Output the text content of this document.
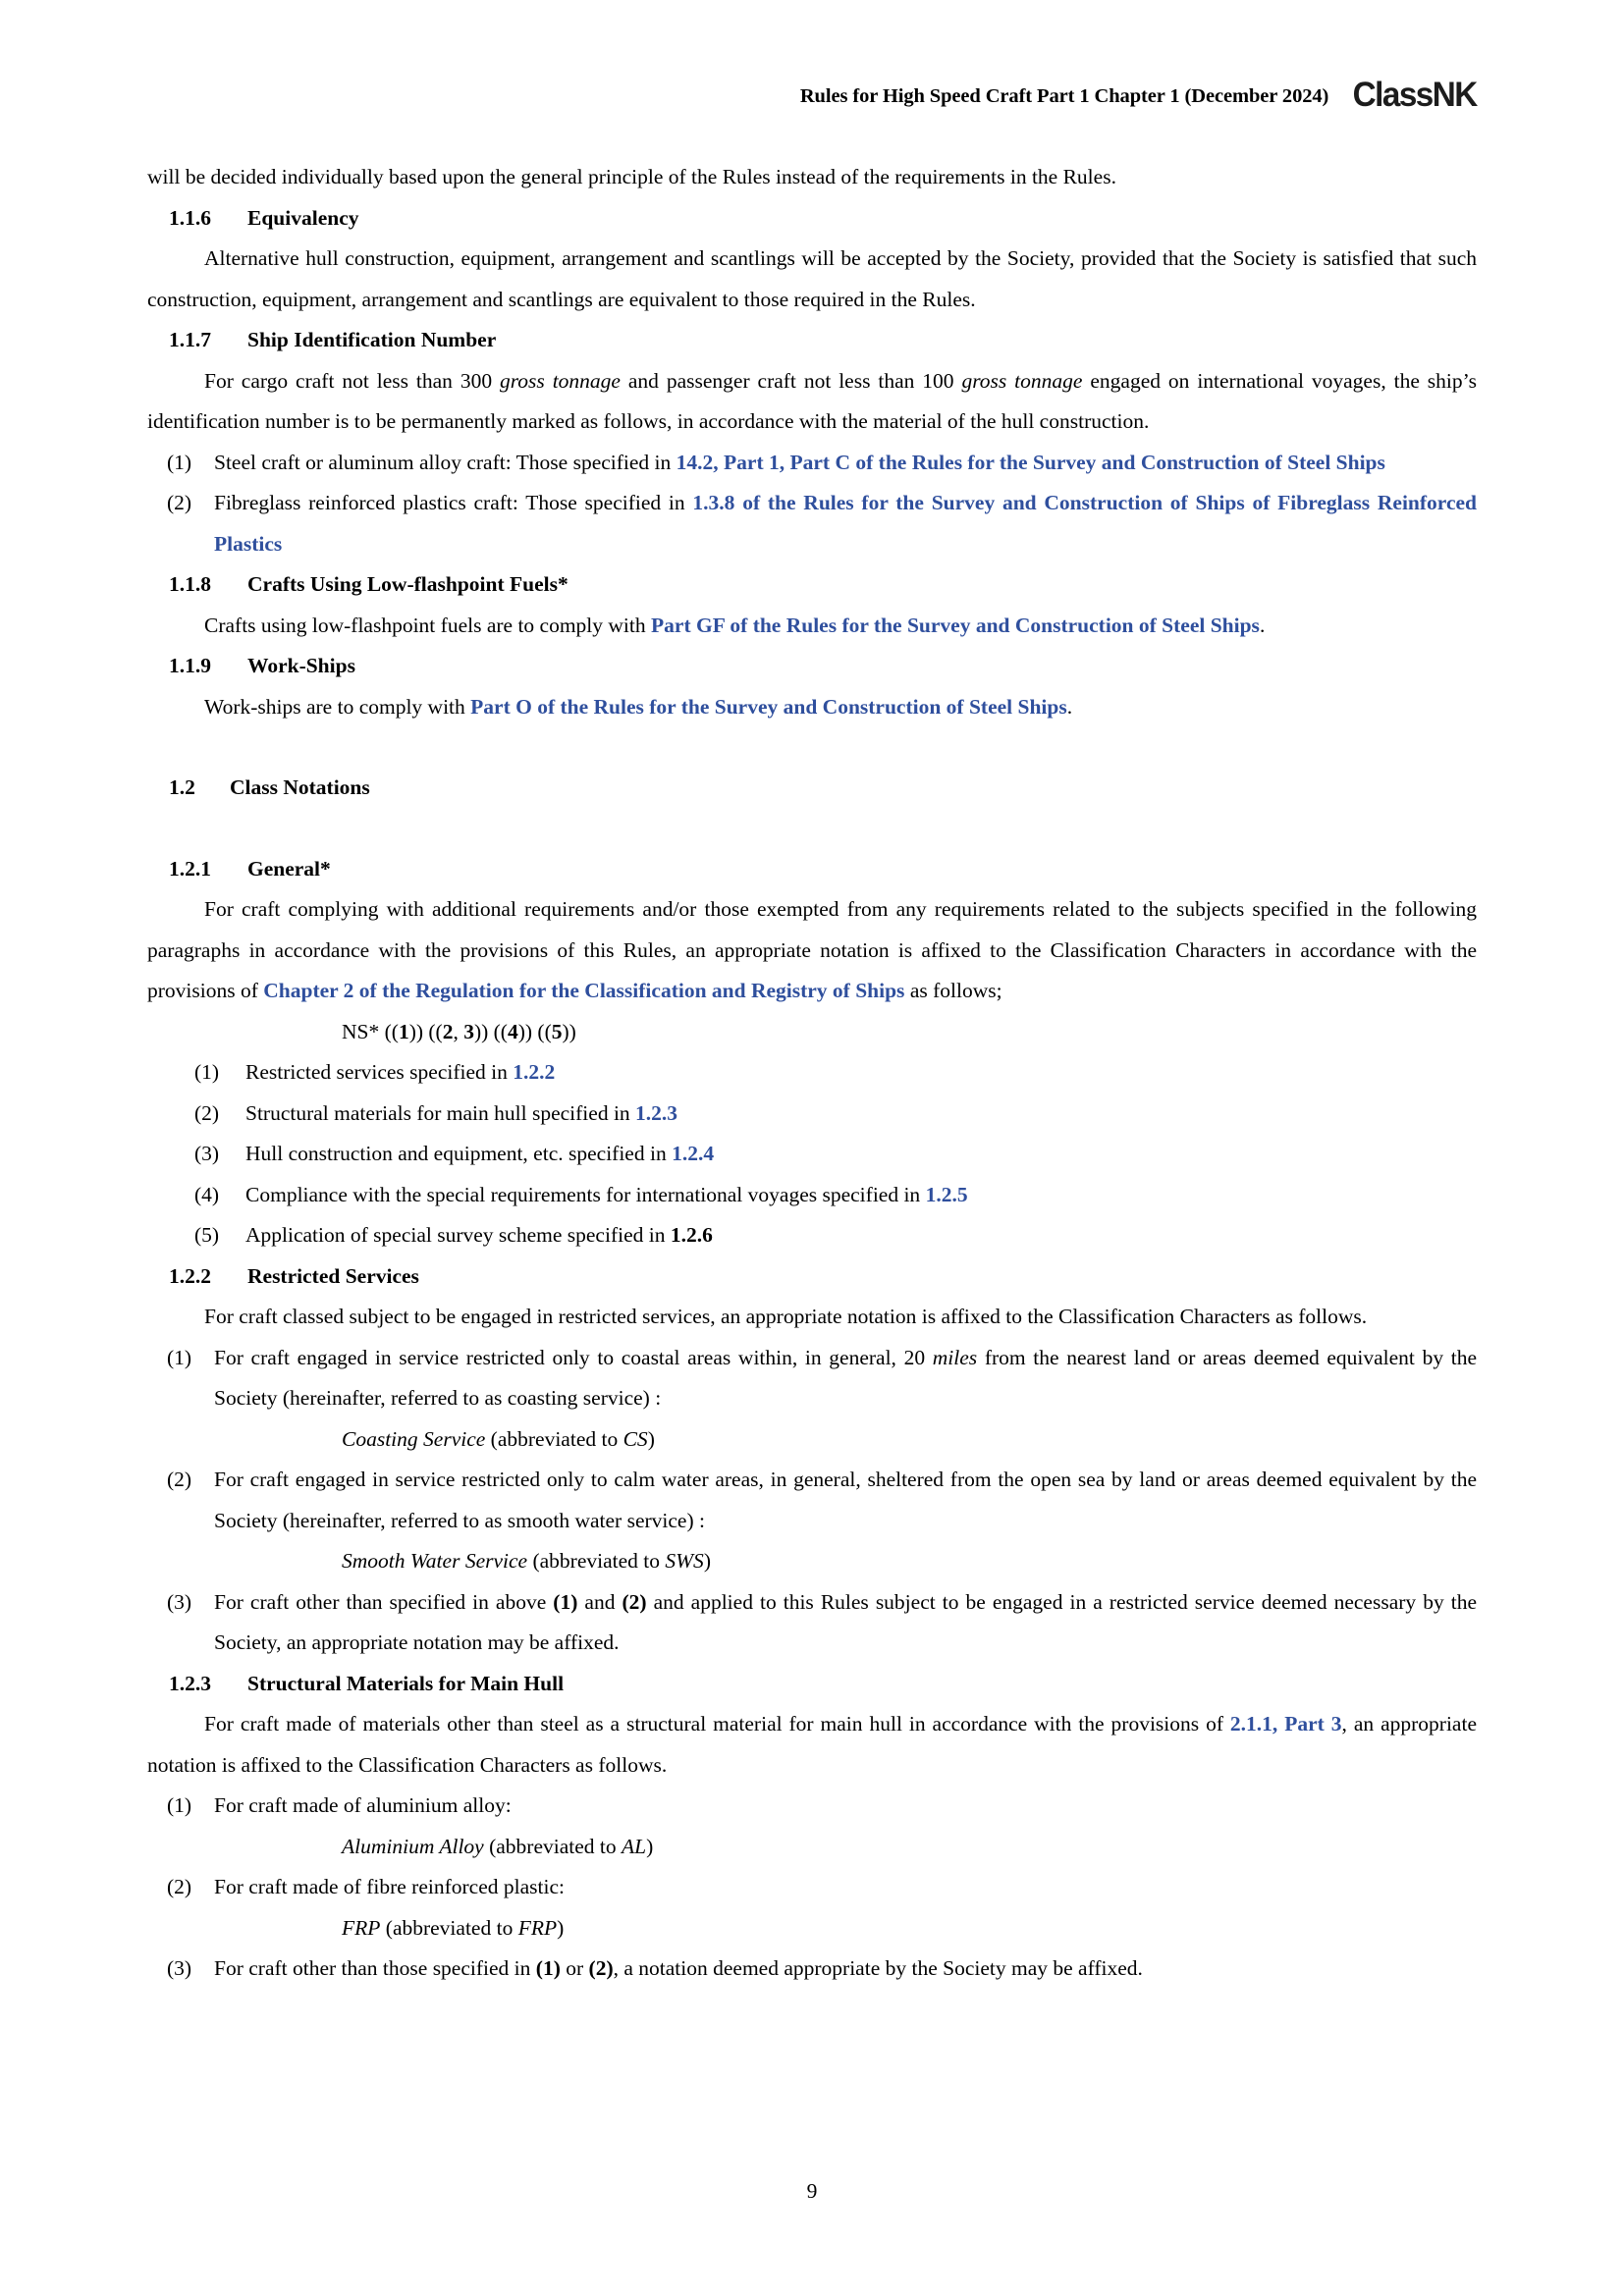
Rules for High Speed Craft Part 1 Chapter 1 (December 2024) ClassNK

will be decided individually based upon the general principle of the Rules instead of the requirements in the Rules.

1.1.6	Equivalency

Alternative hull construction, equipment, arrangement and scantlings will be accepted by the Society, provided that the Society is satisfied that such construction, equipment, arrangement and scantlings are equivalent to those required in the Rules.

1.1.7	Ship Identification Number

For cargo craft not less than 300 gross tonnage and passenger craft not less than 100 gross tonnage engaged on international voyages, the ship’s identification number is to be permanently marked as follows, in accordance with the material of the hull construction.

(1)	Steel craft or aluminum alloy craft: Those specified in 14.2, Part 1, Part C of the Rules for the Survey and Construction of Steel Ships
(2)	Fibreglass reinforced plastics craft: Those specified in 1.3.8 of the Rules for the Survey and Construction of Ships of Fibreglass Reinforced Plastics
1.1.8	Crafts Using Low-flashpoint Fuels*

Crafts using low-flashpoint fuels are to comply with Part GF of the Rules for the Survey and Construction of Steel Ships.

1.1.9	Work-Ships

Work-ships are to comply with Part O of the Rules for the Survey and Construction of Steel Ships.

1.2	Class Notations
1.2.1	General*

For craft complying with additional requirements and/or those exempted from any requirements related to the subjects specified in the following paragraphs in accordance with the provisions of this Rules, an appropriate notation is affixed to the Classification Characters in accordance with the provisions of Chapter 2 of the Regulation for the Classification and Registry of Ships as follows;

NS* ((1)) ((2, 3)) ((4)) ((5))
(1)	Restricted services specified in 1.2.2
(2)	Structural materials for main hull specified in 1.2.3
(3)	Hull construction and equipment, etc. specified in 1.2.4
(4)	Compliance with the special requirements for international voyages specified in 1.2.5
(5)	Application of special survey scheme specified in 1.2.6
1.2.2	Restricted Services

For craft classed subject to be engaged in restricted services, an appropriate notation is affixed to the Classification Characters as follows.

(1)	For craft engaged in service restricted only to coastal areas within, in general, 20 miles from the nearest land or areas deemed equivalent by the Society (hereinafter, referred to as coasting service) :
Coasting Service (abbreviated to CS)
(2)	For craft engaged in service restricted only to calm water areas, in general, sheltered from the open sea by land or areas deemed equivalent by the Society (hereinafter, referred to as smooth water service) :
Smooth Water Service (abbreviated to SWS)
(3)	For craft other than specified in above (1) and (2) and applied to this Rules subject to be engaged in a restricted service deemed necessary by the Society, an appropriate notation may be affixed.
1.2.3	Structural Materials for Main Hull

For craft made of materials other than steel as a structural material for main hull in accordance with the provisions of 2.1.1, Part 3, an appropriate notation is affixed to the Classification Characters as follows.

(1)	For craft made of aluminium alloy:
Aluminium Alloy (abbreviated to AL)
(2)	For craft made of fibre reinforced plastic:
FRP (abbreviated to FRP)
(3)	For craft other than those specified in (1) or (2), a notation deemed appropriate by the Society may be affixed.
9
